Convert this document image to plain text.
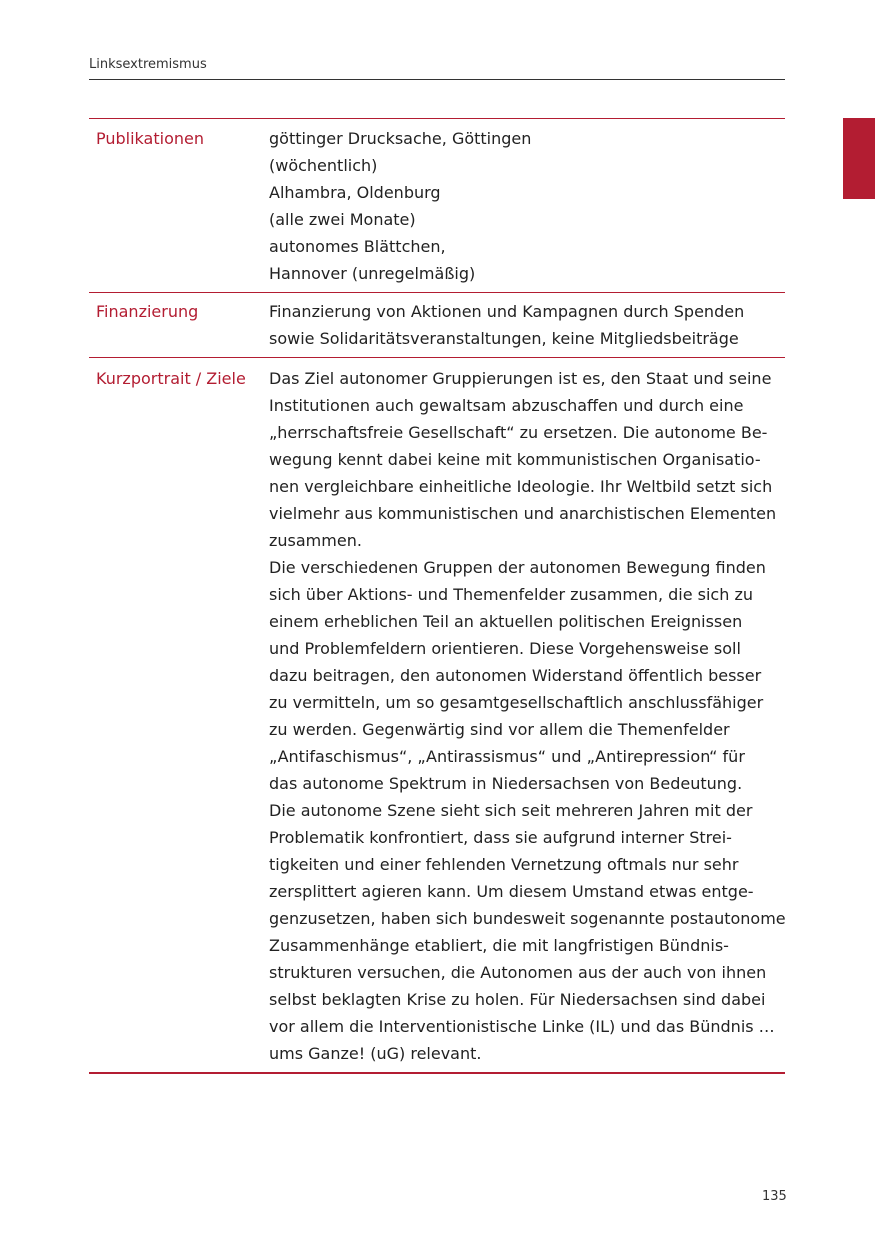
Linksextremismus
Publikationen	göttinger Drucksache, Göttingen
(wöchentlich)
Alhambra, Oldenburg
(alle zwei Monate)
autonomes Blättchen,
Hannover (unregelmäßig)
Finanzierung	Finanzierung von Aktionen und Kampagnen durch Spenden
sowie Solidaritätsveranstaltungen, keine Mitgliedsbeiträge
Kurzportrait / Ziele	Das Ziel autonomer Gruppierungen ist es, den Staat und seine
Institutionen auch gewaltsam abzuschaffen und durch eine
„herrschaftsfreie Gesellschaft“ zu ersetzen. Die autonome Be-
wegung kennt dabei keine mit kommunistischen Organisatio-
nen vergleichbare einheitliche Ideologie. Ihr Weltbild setzt sich
vielmehr aus kommunistischen und anarchistischen Elementen
zusammen.
Die verschiedenen Gruppen der autonomen Bewegung finden
sich über Aktions- und Themenfelder zusammen, die sich zu
einem erheblichen Teil an aktuellen politischen Ereignissen
und Problemfeldern orientieren. Diese Vorgehensweise soll
dazu beitragen, den autonomen Widerstand öffentlich besser
zu vermitteln, um so gesamtgesellschaftlich anschlussfähiger
zu werden. Gegenwärtig sind vor allem die Themenfelder
„Antifaschismus“, „Antirassismus“ und „Antirepression“ für
das autonome Spektrum in Niedersachsen von Bedeutung.
Die autonome Szene sieht sich seit mehreren Jahren mit der
Problematik konfrontiert, dass sie aufgrund interner Strei-
tigkeiten und einer fehlenden Vernetzung oftmals nur sehr
zersplittert agieren kann. Um diesem Umstand etwas entge-
genzusetzen, haben sich bundesweit sogenannte postautonome
Zusammenhänge etabliert, die mit langfristigen Bündnis-
strukturen versuchen, die Autonomen aus der auch von ihnen
selbst beklagten Krise zu holen. Für Niedersachsen sind dabei
vor allem die Interventionistische Linke (IL) und das Bündnis …
ums Ganze! (uG) relevant.
135
